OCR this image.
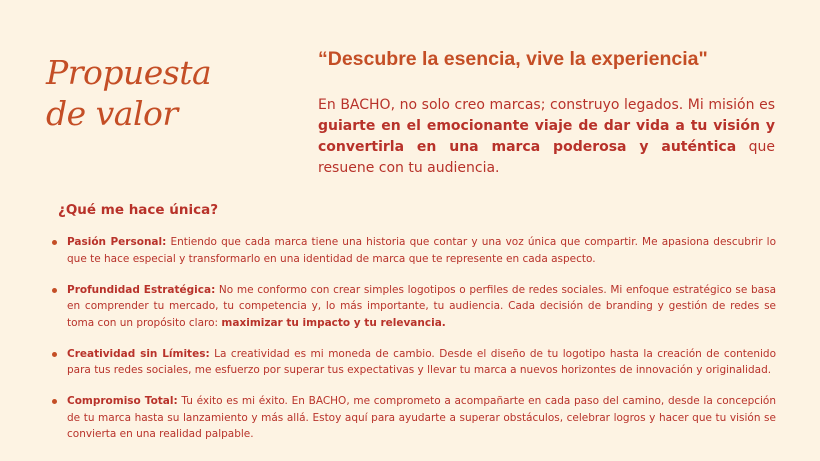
Propuesta
de valor
“Descubre la esencia, vive la experiencia"

En BACHO, no solo creo marcas; construyo legados. Mi misión es guiarte en el emocionante viaje de dar vida a tu visión y convertirla en una marca poderosa y auténtica que resuene con tu audiencia.

¿Qué me hace única?
Pasión Personal: Entiendo que cada marca tiene una historia que contar y una voz única que compartir. Me apasiona descubrir lo que te hace especial y transformarlo en una identidad de marca que te represente en cada aspecto.
Profundidad Estratégica: No me conformo con crear simples logotipos o perfiles de redes sociales. Mi enfoque estratégico se basa en comprender tu mercado, tu competencia y, lo más importante, tu audiencia. Cada decisión de branding y gestión de redes se toma con un propósito claro: maximizar tu impacto y tu relevancia.
Creatividad sin Límites: La creatividad es mi moneda de cambio. Desde el diseño de tu logotipo hasta la creación de contenido para tus redes sociales, me esfuerzo por superar tus expectativas y llevar tu marca a nuevos horizontes de innovación y originalidad.
Compromiso Total: Tu éxito es mi éxito. En BACHO, me comprometo a acompañarte en cada paso del camino, desde la concepción de tu marca hasta su lanzamiento y más allá. Estoy aquí para ayudarte a superar obstáculos, celebrar logros y hacer que tu visión se convierta en una realidad palpable.
